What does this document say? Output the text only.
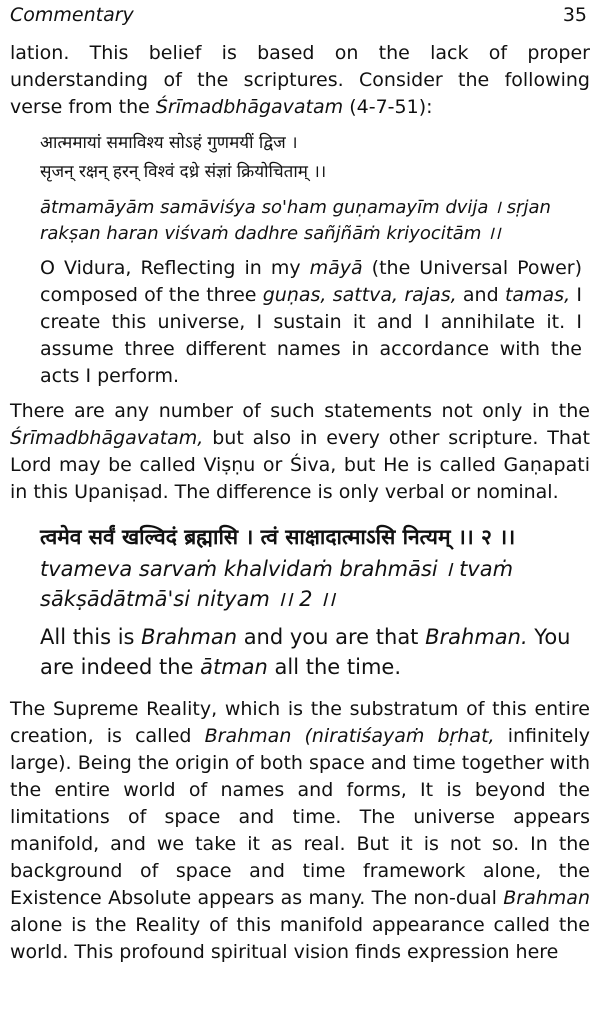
Commentary	35

lation. This belief is based on the lack of proper understanding of the scriptures. Consider the following verse from the Śrīmadbhāgavatam (4-7-51):

आत्ममायां समाविश्य सोऽहं गुणमयीं द्विज ।

सृजन् रक्षन् हरन् विश्वं दध्रे संज्ञां क्रियोचिताम् ।।

ātmamāyām samāviśya so'ham guṇamayīm dvija । sṛjan

rakṣan haran viśvaṁ dadhre sañjñāṁ kriyocitām ।।

O Vidura, Reflecting in my māyā (the Universal Power) composed of the three guṇas, sattva, rajas, and tamas, I create this universe, I sustain it and I annihilate it. I assume three different names in accordance with the acts I perform.

There are any number of such statements not only in the Śrīmadbhāgavatam, but also in every other scripture. That Lord may be called Viṣṇu or Śiva, but He is called Gaṇapati in this Upaniṣad. The difference is only verbal or nominal.

त्वमेव सर्वं खल्विदं ब्रह्मासि । त्वं साक्षादात्माऽसि नित्यम् ।। २ ।।

tvameva sarvaṁ khalvidaṁ brahmāsi । tvaṁ

sākṣādātmā'si nityam ।। 2 ।।

All this is Brahman and you are that Brahman. You are indeed the ātman all the time.

The Supreme Reality, which is the substratum of this entire creation, is called Brahman (niratiśayaṁ bṛhat, infinitely large). Being the origin of both space and time together with the entire world of names and forms, It is beyond the limitations of space and time. The universe appears manifold, and we take it as real. But it is not so. In the background of space and time framework alone, the Existence Absolute appears as many. The non-dual Brahman alone is the Reality of this manifold appearance called the world. This profound spiritual vision finds expression here
